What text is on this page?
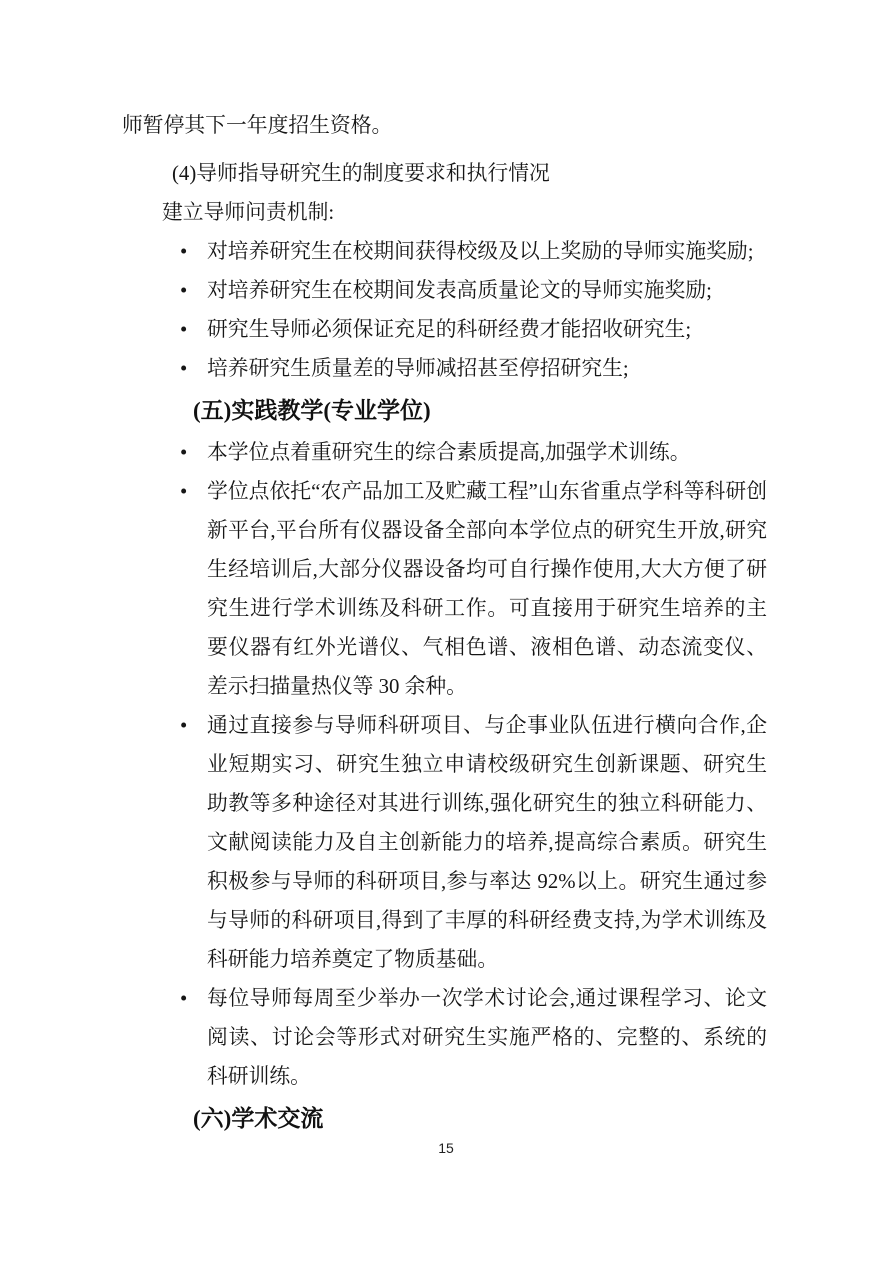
师暂停其下一年度招生资格。

(4)导师指导研究生的制度要求和执行情况

建立导师问责机制:

• 对培养研究生在校期间获得校级及以上奖励的导师实施奖励;
• 对培养研究生在校期间发表高质量论文的导师实施奖励;
• 研究生导师必须保证充足的科研经费才能招收研究生;
• 培养研究生质量差的导师减招甚至停招研究生;
(五)实践教学(专业学位)
• 本学位点着重研究生的综合素质提高,加强学术训练。
• 学位点依托“农产品加工及贮藏工程”山东省重点学科等科研创新平台,平台所有仪器设备全部向本学位点的研究生开放,研究生经培训后,大部分仪器设备均可自行操作使用,大大方便了研究生进行学术训练及科研工作。可直接用于研究生培养的主要仪器有红外光谱仪、气相色谱、液相色谱、动态流变仪、差示扫描量热仪等 30 余种。
• 通过直接参与导师科研项目、与企事业队伍进行横向合作,企业短期实习、研究生独立申请校级研究生创新课题、研究生助教等多种途径对其进行训练,强化研究生的独立科研能力、文献阅读能力及自主创新能力的培养,提高综合素质。研究生积极参与导师的科研项目,参与率达 92%以上。研究生通过参与导师的科研项目,得到了丰厚的科研经费支持,为学术训练及科研能力培养奠定了物质基础。
• 每位导师每周至少举办一次学术讨论会,通过课程学习、论文阅读、讨论会等形式对研究生实施严格的、完整的、系统的科研训练。
(六)学术交流
15
